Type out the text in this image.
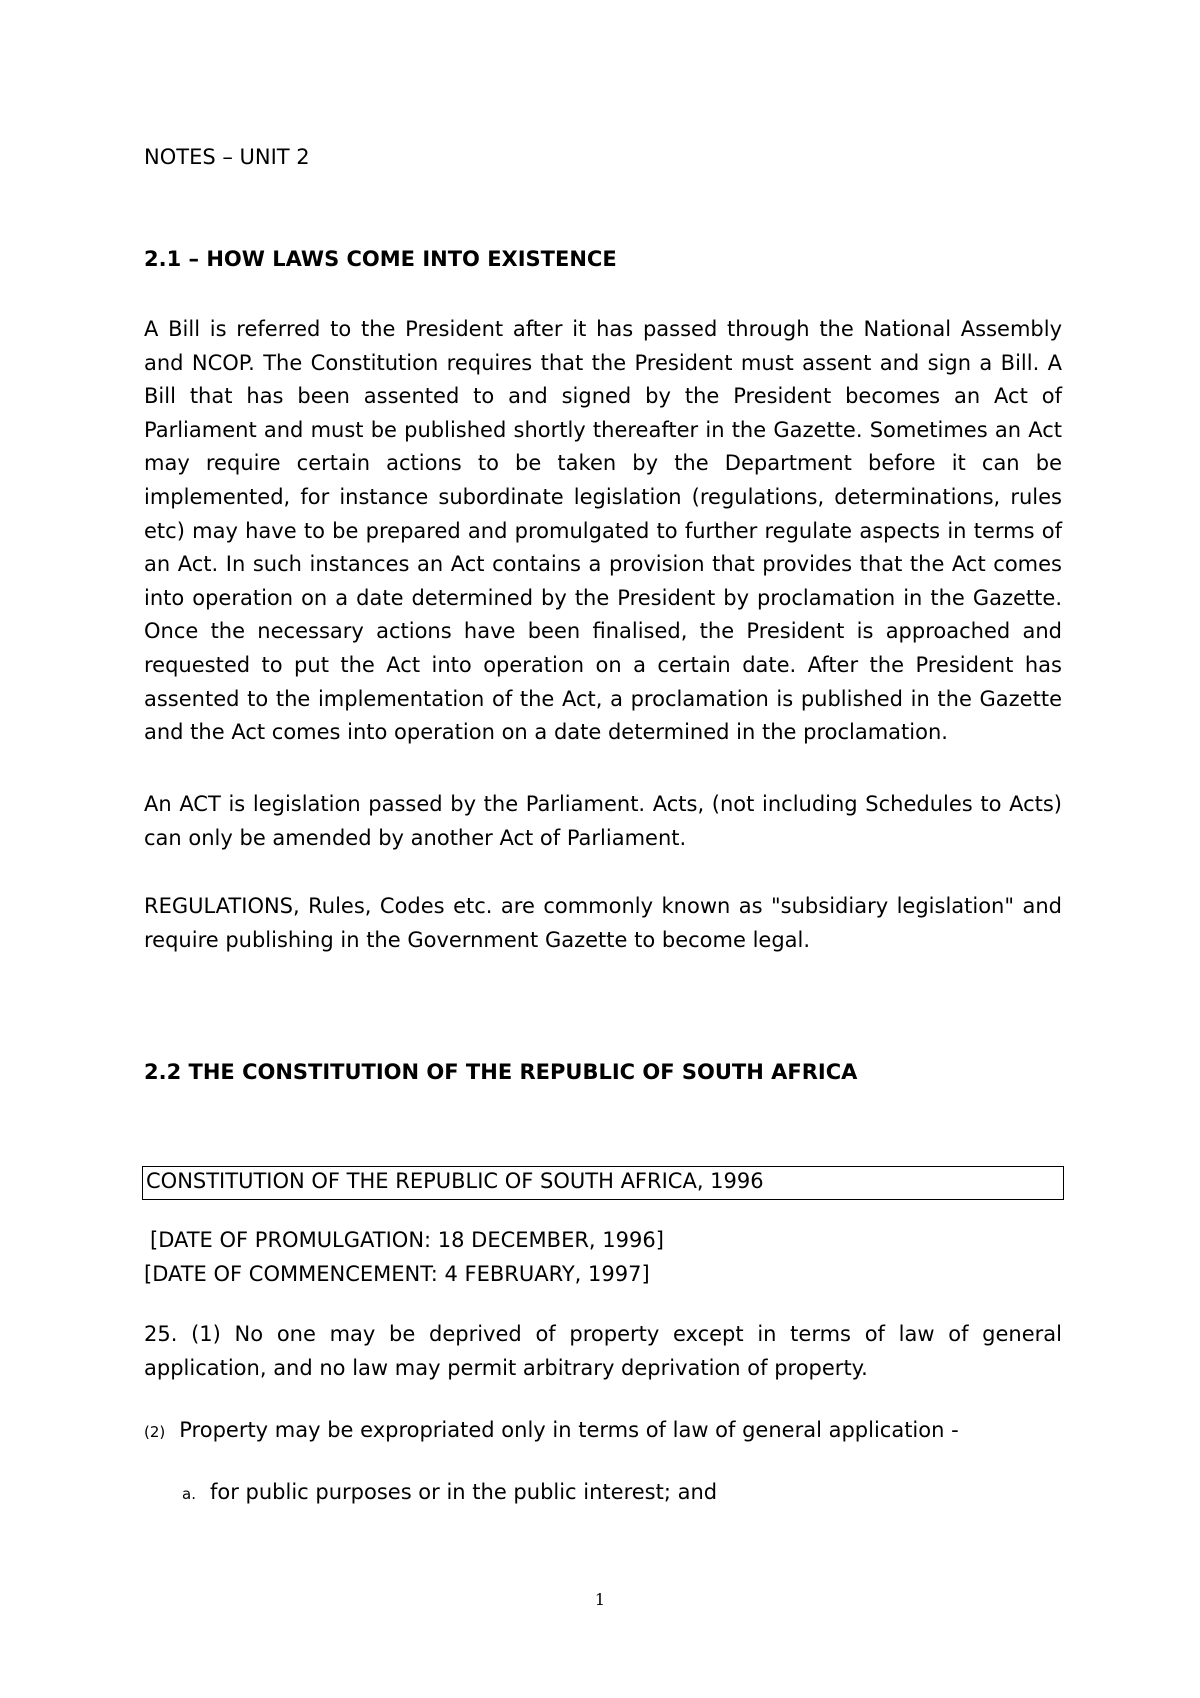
NOTES – UNIT 2
2.1 – HOW LAWS COME INTO EXISTENCE

A Bill is referred to the President after it has passed through the National Assembly and NCOP. The Constitution requires that the President must assent and sign a Bill. A Bill that has been assented to and signed by the President becomes an Act of Parliament and must be published shortly thereafter in the Gazette. Sometimes an Act may require certain actions to be taken by the Department before it can be implemented, for instance subordinate legislation (regulations, determinations, rules etc) may have to be prepared and promulgated to further regulate aspects in terms of an Act. In such instances an Act contains a provision that provides that the Act comes into operation on a date determined by the President by proclamation in the Gazette. Once the necessary actions have been finalised, the President is approached and requested to put the Act into operation on a certain date. After the President has assented to the implementation of the Act, a proclamation is published in the Gazette and the Act comes into operation on a date determined in the proclamation.

An ACT is legislation passed by the Parliament. Acts, (not including Schedules to Acts) can only be amended by another Act of Parliament.

REGULATIONS, Rules, Codes etc. are commonly known as "subsidiary legislation" and require publishing in the Government Gazette to become legal.

2.2 THE CONSTITUTION OF THE REPUBLIC OF SOUTH AFRICA
CONSTITUTION OF THE REPUBLIC OF SOUTH AFRICA, 1996
[DATE OF PROMULGATION: 18 DECEMBER, 1996]
[DATE OF COMMENCEMENT: 4 FEBRUARY, 1997]

25. (1) No one may be deprived of property except in terms of law of general application, and no law may permit arbitrary deprivation of property.

(2) Property may be expropriated only in terms of law of general application -
a. for public purposes or in the public interest; and
1
